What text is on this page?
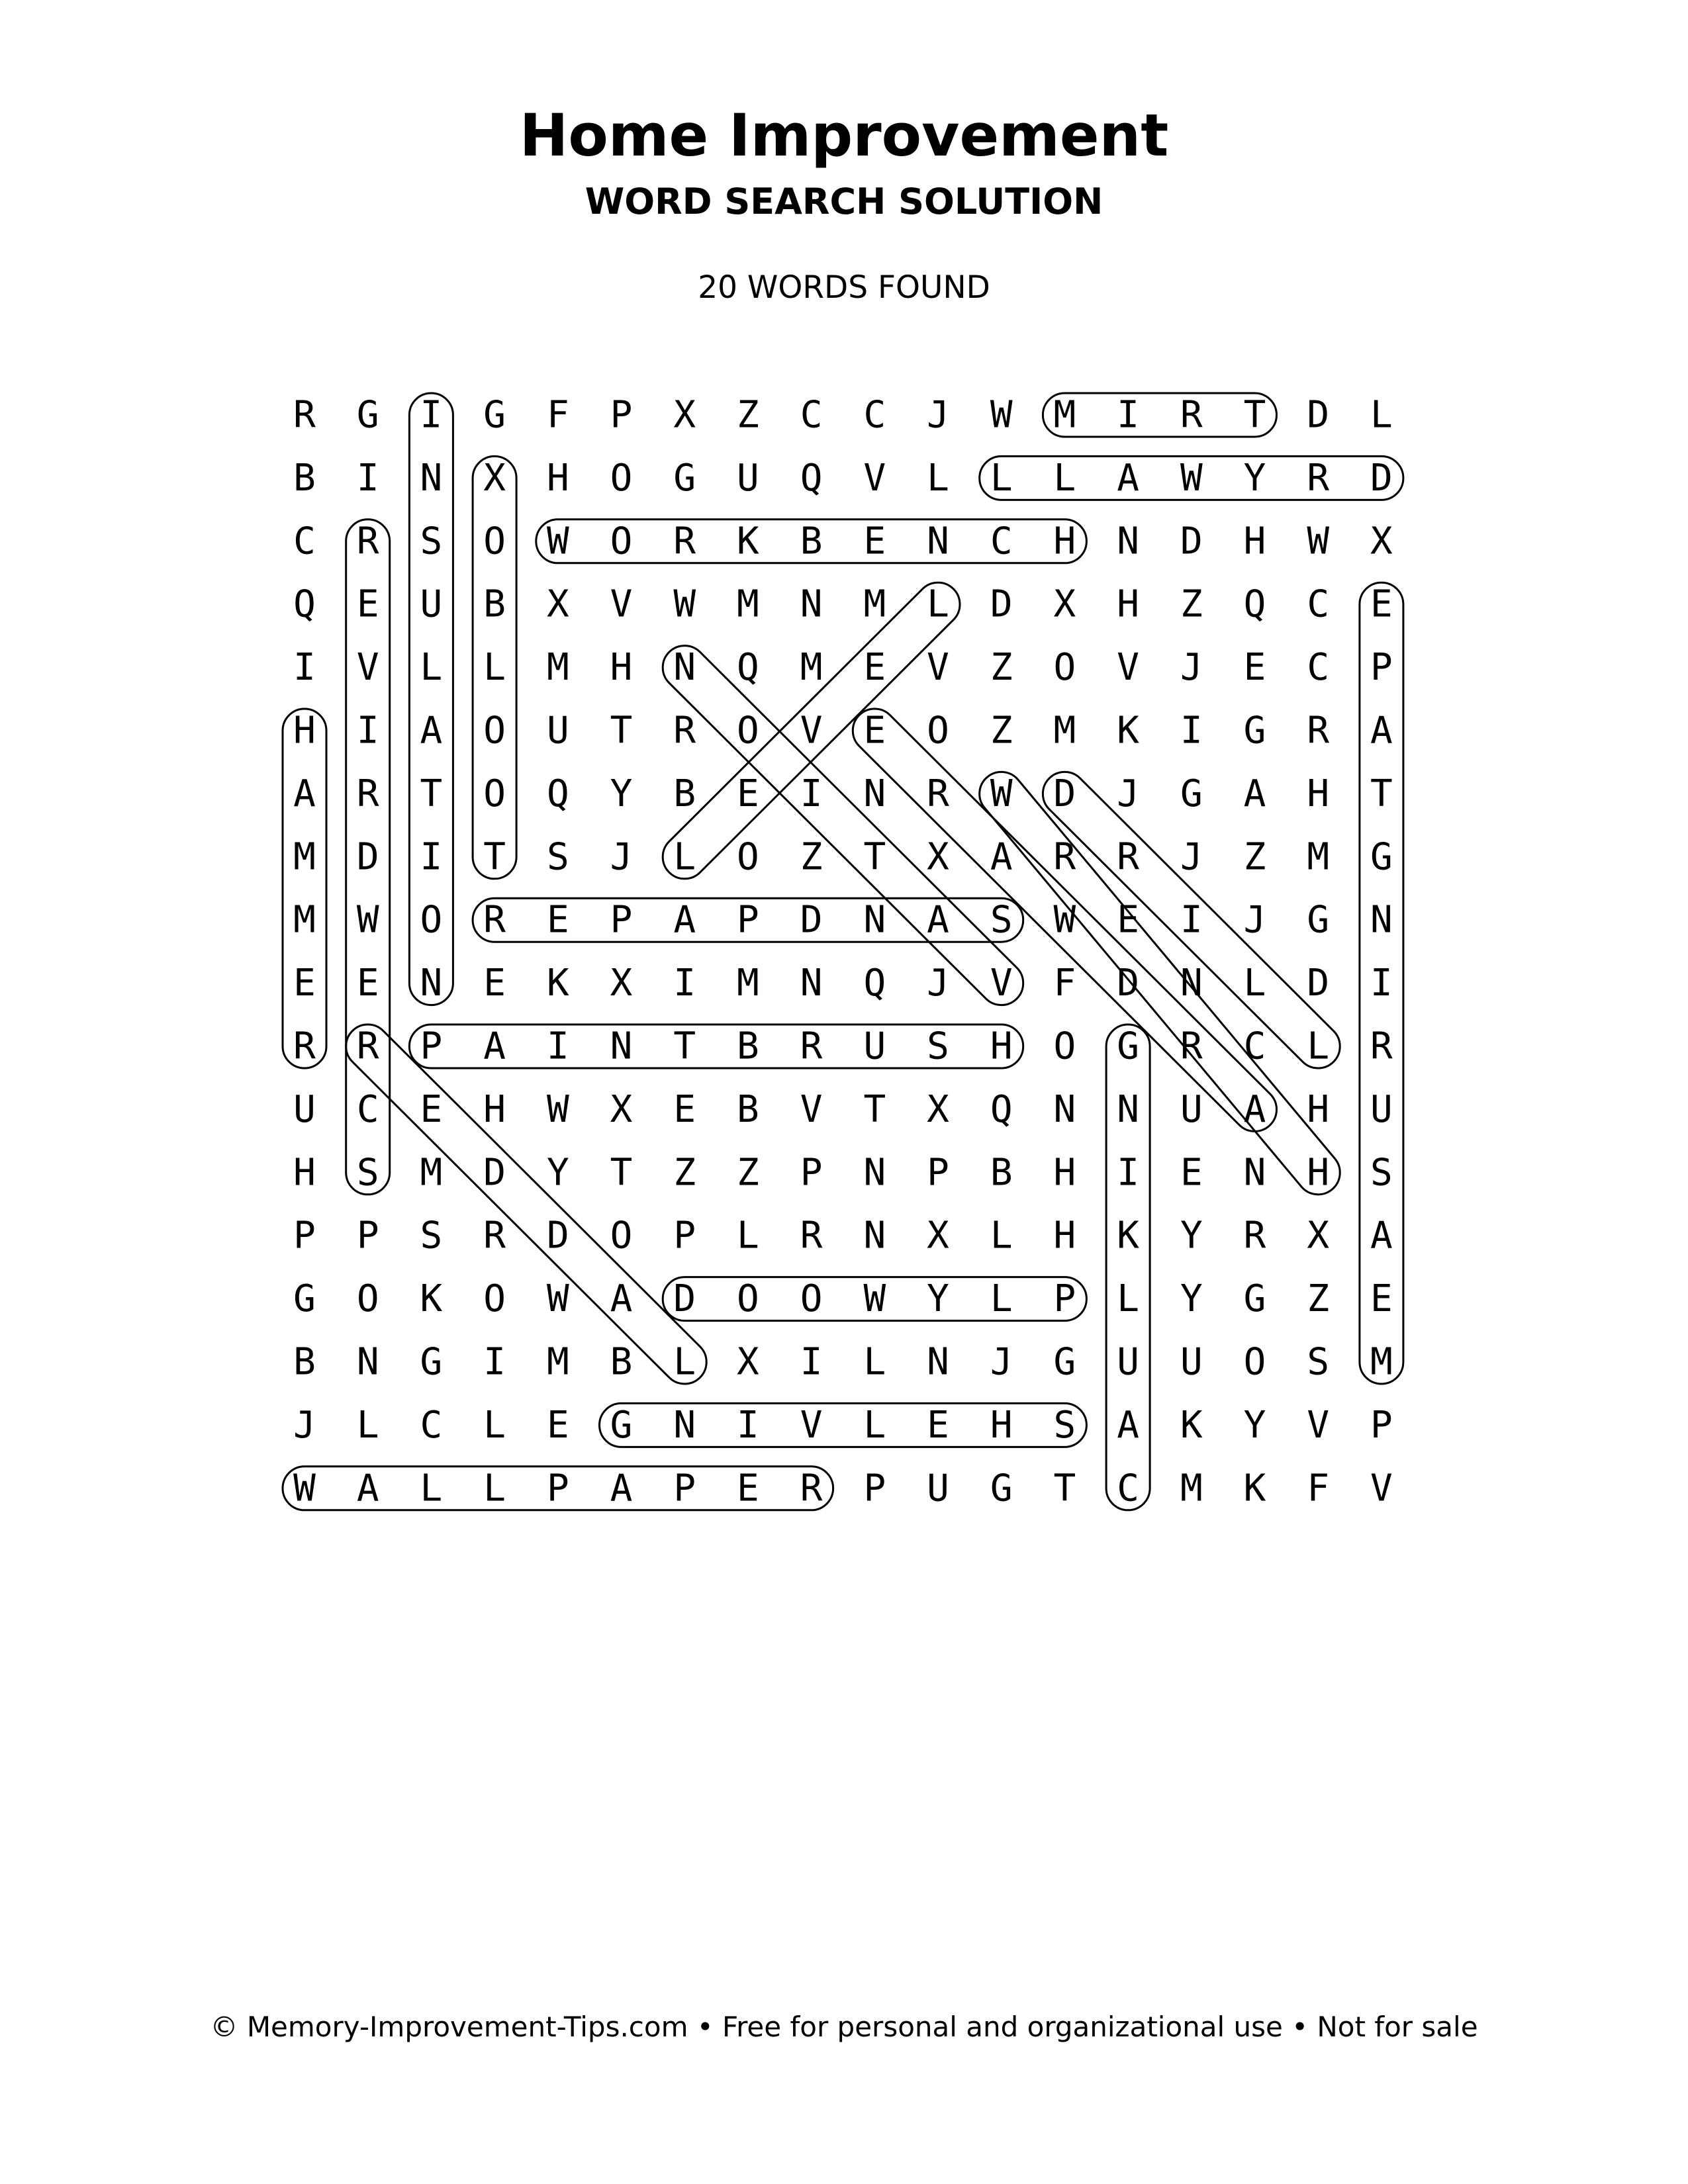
Home Improvement
WORD SEARCH SOLUTION
20 WORDS FOUND
R G I G F P X Z C C J W M I R T D L
B I N X H O G U Q V L L L A W Y R D
C R S O W O R K B E N C H N D H W X
Q E U B X V W M N M L D X H Z Q C E
I V L L M H N Q M E V Z O V J E C P
H I A O U T R O V E O Z M K I G R A
A R T O Q Y B E I N R W D J G A H T
M D I T S J L O Z T X A R R J Z M G
M W O R E P A P D N A S W E I J G N
E E N E K X I M N Q J V F D N L D I
R R P A I N T B R U S H O G R C L R
U C E H W X E B V T X Q N N U A H U
H S M D Y T Z Z P N P B H I E N H S
P P S R D O P L R N X L H K Y R X A
G O K O W A D O O W Y L P L Y G Z E
B N G I M B L X I L N J G U U O S M
J L C L E G N I V L E H S A K Y V P
W A L L P A P E R P U G T C M K F V
© Memory-Improvement-Tips.com • Free for personal and organizational use • Not for sale
